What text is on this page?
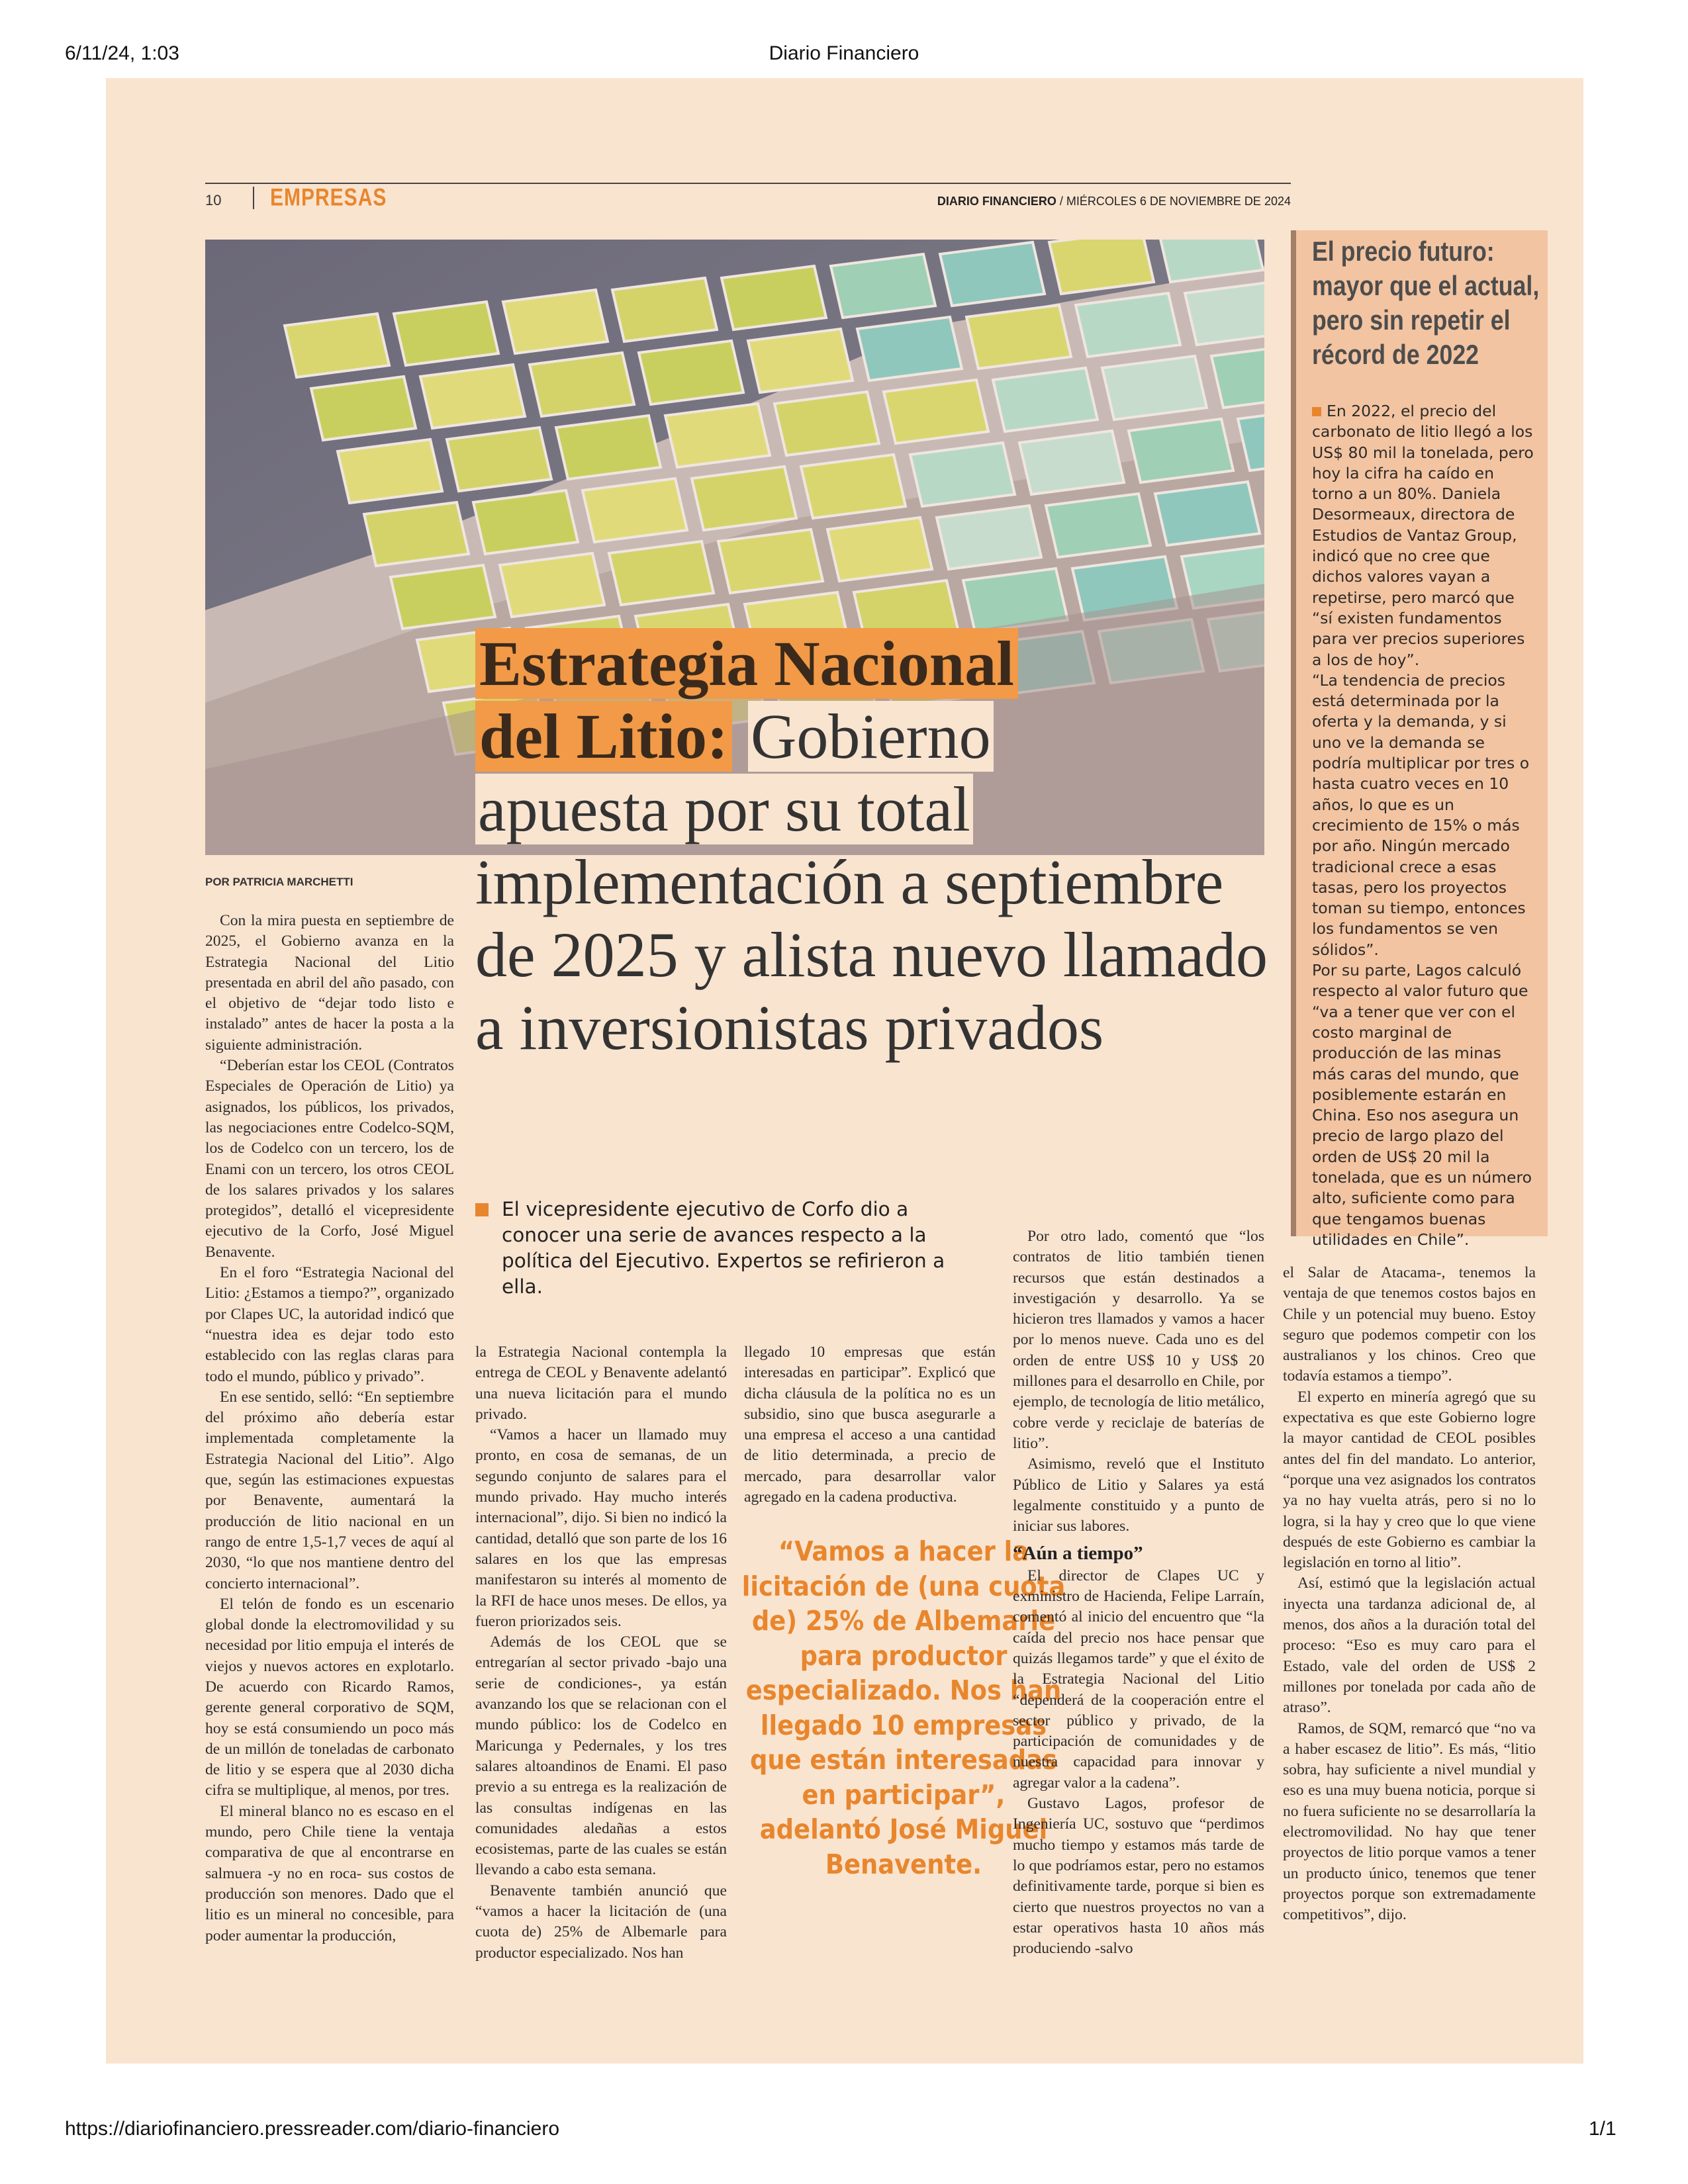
6/11/24, 1:03	Diario Financiero
https://diariofinanciero.pressreader.com/diario-financiero	1/1
10 EMPRESAS	DIARIO FINANCIERO / MIÉRCOLES 6 DE NOVIEMBRE DE 2024
POR PATRICIA MARCHETTI
Estrategia Nacional
del Litio: Gobierno
apuesta por su total
implementación a septiembre de 2025 y alista nuevo llamado a inversionistas privados

Con la mira puesta en septiembre de 2025, el Gobierno avanza en la Estrategia Nacional del Litio presentada en abril del año pasado, con el objetivo de “dejar todo listo e instalado” antes de hacer la posta a la siguiente administración.

“Deberían estar los CEOL (Contratos Especiales de Operación de Litio) ya asignados, los públicos, los privados, las negociaciones entre Codelco-SQM, los de Codelco con un tercero, los de Enami con un tercero, los otros CEOL de los salares privados y los salares protegidos”, detalló el vicepresidente ejecutivo de la Corfo, José Miguel Benavente.

En el foro “Estrategia Nacional del Litio: ¿Estamos a tiempo?”, organizado por Clapes UC, la autoridad indicó que “nuestra idea es dejar todo esto establecido con las reglas claras para todo el mundo, público y privado”.

En ese sentido, selló: “En septiembre del próximo año debería estar implementada completamente la Estrategia Nacional del Litio”. Algo que, según las estimaciones expuestas por Benavente, aumentará la producción de litio nacional en un rango de entre 1,5-1,7 veces de aquí al 2030, “lo que nos mantiene dentro del concierto internacional”.

El telón de fondo es un escenario global donde la electromovilidad y su necesidad por litio empuja el interés de viejos y nuevos actores en explotarlo. De acuerdo con Ricardo Ramos, gerente general corporativo de SQM, hoy se está consumiendo un poco más de un millón de toneladas de carbonato de litio y se espera que al 2030 dicha cifra se multiplique, al menos, por tres.

El mineral blanco no es escaso en el mundo, pero Chile tiene la ventaja comparativa de que al encontrarse en salmuera -y no en roca- sus costos de producción son menores. Dado que el litio es un mineral no concesible, para poder aumentar la producción,

El vicepresidente ejecutivo de Corfo dio a conocer una serie de avances respecto a la política del Ejecutivo. Expertos se refirieron a ella.

la Estrategia Nacional contempla la entrega de CEOL y Benavente adelantó una nueva licitación para el mundo privado.

“Vamos a hacer un llamado muy pronto, en cosa de semanas, de un segundo conjunto de salares para el mundo privado. Hay mucho interés internacional”, dijo. Si bien no indicó la cantidad, detalló que son parte de los 16 salares en los que las empresas manifestaron su interés al momento de la RFI de hace unos meses. De ellos, ya fueron priorizados seis.

Además de los CEOL que se entregarían al sector privado -bajo una serie de condiciones-, ya están avanzando los que se relacionan con el mundo público: los de Codelco en Maricunga y Pedernales, y los tres salares altoandinos de Enami. El paso previo a su entrega es la realización de las consultas indígenas en las comunidades aledañas a estos ecosistemas, parte de las cuales se están llevando a cabo esta semana.

Benavente también anunció que “vamos a hacer la licitación de (una cuota de) 25% de Albemarle para productor especializado. Nos han

llegado 10 empresas que están interesadas en participar”. Explicó que dicha cláusula de la política no es un subsidio, sino que busca asegurarle a una empresa el acceso a una cantidad de litio determinada, a precio de mercado, para desarrollar valor agregado en la cadena productiva.

“Vamos a hacer la licitación de (una cuota de) 25% de Albemarle para productor especializado. Nos han llegado 10 empresas que están interesadas en participar”, adelantó José Miguel Benavente.

Por otro lado, comentó que “los contratos de litio también tienen recursos que están destinados a investigación y desarrollo. Ya se hicieron tres llamados y vamos a hacer por lo menos nueve. Cada uno es del orden de entre US$ 10 y US$ 20 millones para el desarrollo en Chile, por ejemplo, de tecnología de litio metálico, cobre verde y reciclaje de baterías de litio”.

Asimismo, reveló que el Instituto Público de Litio y Salares ya está legalmente constituido y a punto de iniciar sus labores.

“Aún a tiempo”

El director de Clapes UC y exministro de Hacienda, Felipe Larraín, comentó al inicio del encuentro que “la caída del precio nos hace pensar que quizás llegamos tarde” y que el éxito de la Estrategia Nacional del Litio “dependerá de la cooperación entre el sector público y privado, de la participación de comunidades y de nuestra capacidad para innovar y agregar valor a la cadena”.

Gustavo Lagos, profesor de Ingeniería UC, sostuvo que “perdimos mucho tiempo y estamos más tarde de lo que podríamos estar, pero no estamos definitivamente tarde, porque si bien es cierto que nuestros proyectos no van a estar operativos hasta 10 años más produciendo -salvo

el Salar de Atacama-, tenemos la ventaja de que tenemos costos bajos en Chile y un potencial muy bueno. Estoy seguro que podemos competir con los australianos y los chinos. Creo que todavía estamos a tiempo”.

El experto en minería agregó que su expectativa es que este Gobierno logre la mayor cantidad de CEOL posibles antes del fin del mandato. Lo anterior, “porque una vez asignados los contratos ya no hay vuelta atrás, pero si no lo logra, si la hay y creo que lo que viene después de este Gobierno es cambiar la legislación en torno al litio”.

Así, estimó que la legislación actual inyecta una tardanza adicional de, al menos, dos años a la duración total del proceso: “Eso es muy caro para el Estado, vale del orden de US$ 2 millones por tonelada por cada año de atraso”.

Ramos, de SQM, remarcó que “no va a haber escasez de litio”. Es más, “litio sobra, hay suficiente a nivel mundial y eso es una muy buena noticia, porque si no fuera suficiente no se desarrollaría la electromovilidad. No hay que tener proyectos de litio porque vamos a tener un producto único, tenemos que tener proyectos porque son extremadamente competitivos”, dijo.

El precio futuro: mayor que el actual, pero sin repetir el récord de 2022
En 2022, el precio del carbonato de litio llegó a los US$ 80 mil la tonelada, pero hoy la cifra ha caído en torno a un 80%. Daniela Desormeaux, directora de Estudios de Vantaz Group, indicó que no cree que dichos valores vayan a repetirse, pero marcó que “sí existen fundamentos para ver precios superiores a los de hoy”.
“La tendencia de precios está determinada por la oferta y la demanda, y si uno ve la demanda se podría multiplicar por tres o hasta cuatro veces en 10 años, lo que es un crecimiento de 15% o más por año. Ningún mercado tradicional crece a esas tasas, pero los proyectos toman su tiempo, entonces los fundamentos se ven sólidos”.
Por su parte, Lagos calculó respecto al valor futuro que “va a tener que ver con el costo marginal de producción de las minas más caras del mundo, que posiblemente estarán en China. Eso nos asegura un precio de largo plazo del orden de US$ 20 mil la tonelada, que es un número alto, suficiente como para que tengamos buenas utilidades en Chile”.
